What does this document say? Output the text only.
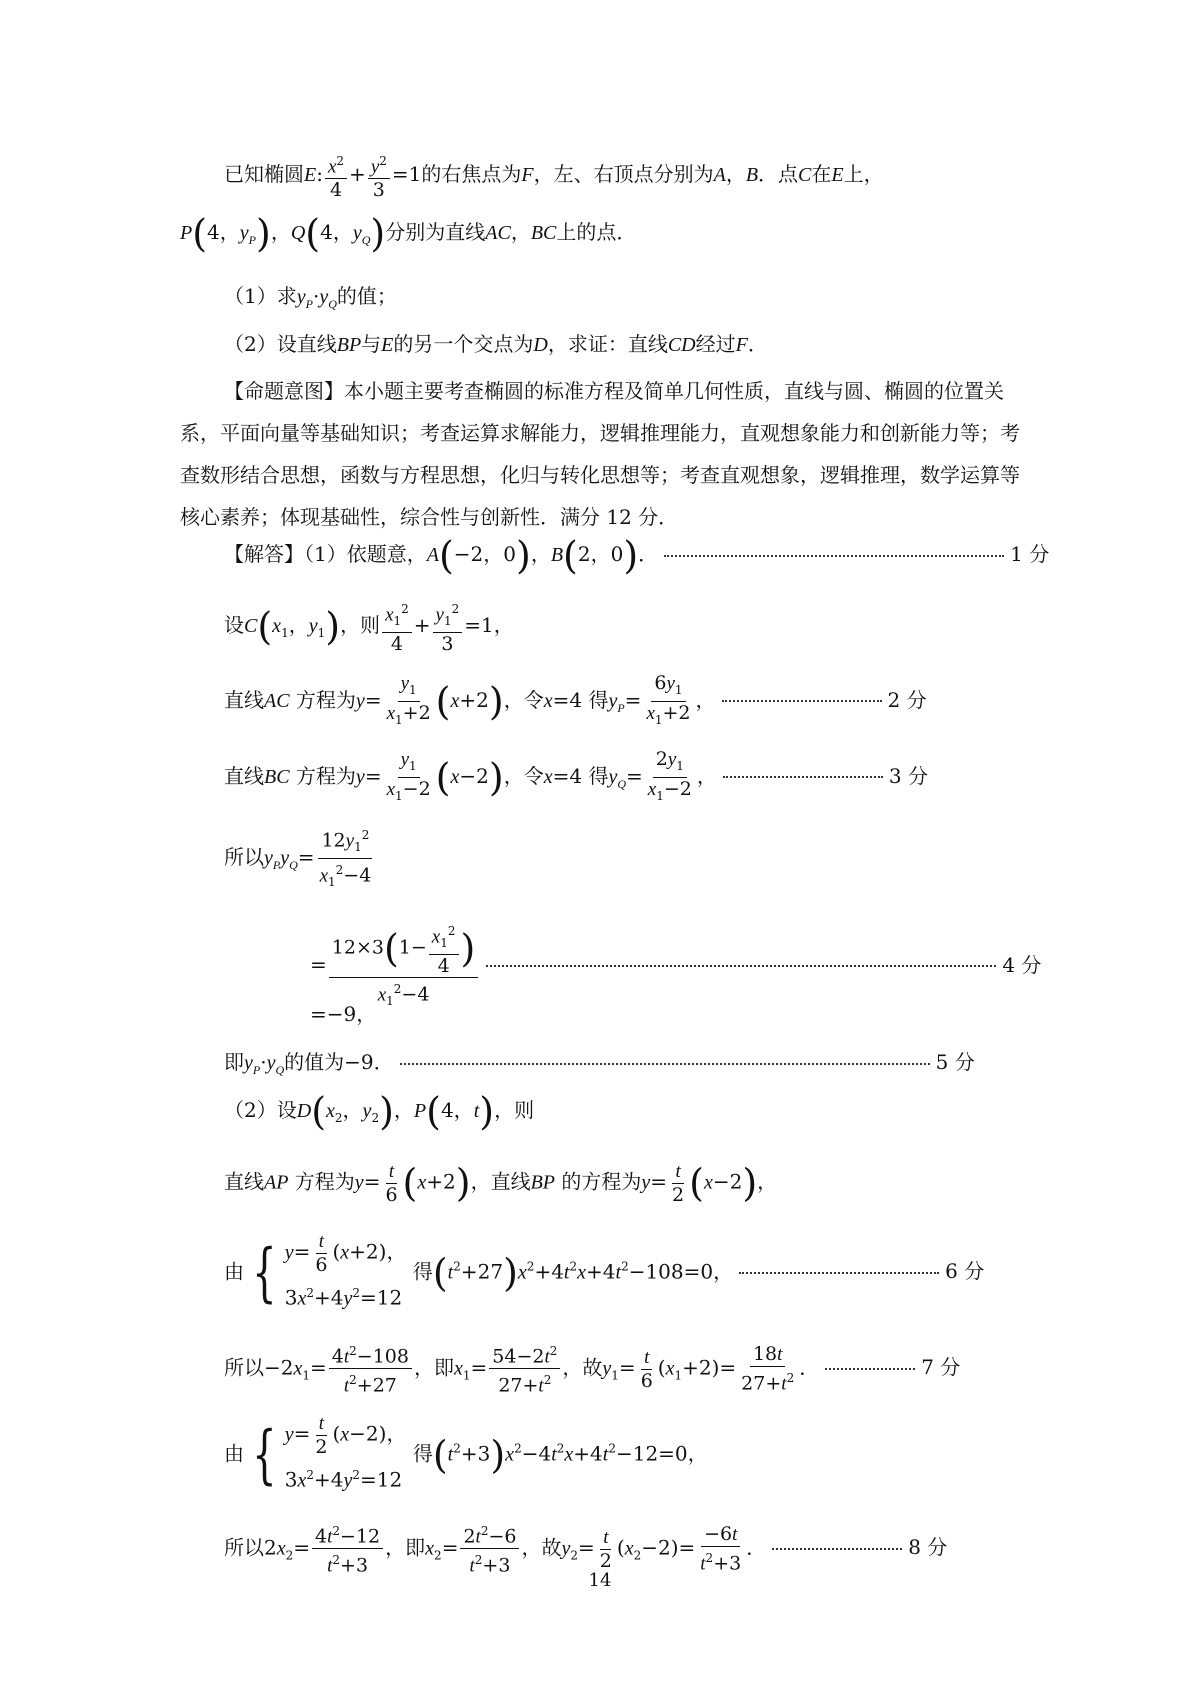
已知椭圆E: $\frac{x^2}{4} + \frac{y^2}{3} =1$的右焦点为F，左、右顶点分别为A，B．点C在E上，
P(4，$y_P$)，Q(4，$y_Q$)分别为直线AC，BC上的点．
（1）求$y_P\cdot y_Q$的值；
（2）设直线BP与E的另一个交点为D，求证：直线CD经过F．
【命题意图】本小题主要考查椭圆的标准方程及简单几何性质，直线与圆、椭圆的位置关系，平面向量等基础知识；考查运算求解能力，逻辑推理能力，直观想象能力和创新能力等；考查数形结合思想，函数与方程思想，化归与转化思想等；考查直观想象，逻辑推理，数学运算等核心素养；体现基础性，综合性与创新性．满分 12 分．
【解答】（1）依题意，A(−2，0)，B(2，0)．	1 分
设$C(x_1$，$y_1$)，则 $\frac{x_1^2}{4} + \frac{y_1^2}{3} =1$，
直线AC 方程为$y= \frac{y_1}{x_1+2} (x+2)$，令x=4 得$y_P= \frac{6y_1}{x_1+2}$ ，	2 分
直线BC 方程为$y= \frac{y_1}{x_1-2} (x-2)$，令x=4 得$y_Q= \frac{2y_1}{x_1-2}$ ，	3 分
所以$y_Py_Q= \frac{12y_1^2}{x_1^2-4}$
= $\frac{12\times 3(1- \frac{x_1^2}{4} )}{x_1^2-4}$	4 分
=−9，
即$y_P\cdot y_Q$的值为−9．	5 分
（2）设$D(x_2$，$y_2$)，P(4，t)，则
直线AP 方程为$y= \frac{t}{6} (x+2)$，直线BP 的方程为$y= \frac{t}{2} (x-2)$，
由 { $y= \frac{t}{6} (x+2)$，
$3x^2+4y^2=12$
得$(t^2+27)x^2+4t^2x+4t^2-108=0$，	6 分
所以$-2x_1= \frac{4t^2-108}{t^2+27}$ ，即$x_1= \frac{54-2t^2}{27+t^2}$ ，故$y_1= \frac{t}{6} (x_1+2)= \frac{18t}{27+t^2}$ ．	7 分
由 { $y= \frac{t}{2} (x-2)$，
$3x^2+4y^2=12$
得$(t^2+3)x^2-4t^2x+4t^2-12=0$，
所以$2x_2= \frac{4t^2-12}{t^2+3}$ ，即$x_2= \frac{2t^2-6}{t^2+3}$ ，故$y_2= \frac{t}{2} (x_2-2)= \frac{-6t}{t^2+3}$ ．	8 分
14
